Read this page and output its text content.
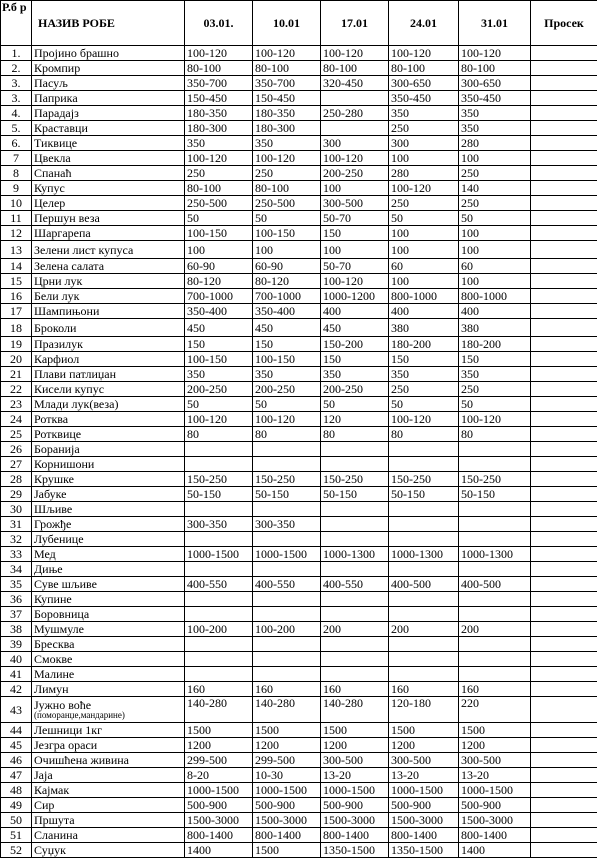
Р.б р	НАЗИВ РОБЕ	03.01.	10.01	17.01	24.01	31.01	Просек
1.	Пројино брашно	100-120	100-120	100-120	100-120	100-120	
2.	Кромпир	80-100	80-100	80-100	80-100	80-100	
3.	Пасуљ	350-700	350-700	320-450	300-650	300-650	
3.	Паприка	150-450	150-450		350-450	350-450	
4.	Парадајз	180-350	180-350	250-280	350	350	
5.	Краставци	180-300	180-300		250	350	
6.	Тиквице	350	350	300	300	280	
7	Цвекла	100-120	100-120	100-120	100	100	
8	Спанаћ	250	250	200-250	280	250	
9	Купус	80-100	80-100	100	100-120	140	
10	Целер	250-500	250-500	300-500	250	250	
11	Першун веза	50	50	50-70	50	50	
12	Шаргарепа	100-150	100-150	150	100	100	
13	Зелени лист купуса	100	100	100	100	100	
14	Зелена салата	60-90	60-90	50-70	60	60	
15	Црни лук	80-120	80-120	100-120	100	100	
16	Бели лук	700-1000	700-1000	1000-1200	800-1000	800-1000	
17	Шампињони	350-400	350-400	400	400	400	
18	Броколи	450	450	450	380	380	
19	Празилук	150	150	150-200	180-200	180-200	
20	Карфиол	100-150	100-150	150	150	150	
21	Плави патлиџан	350	350	350	350	350	
22	Кисели купус	200-250	200-250	200-250	250	250	
23	Млади лук(веза)	50	50	50	50	50	
24	Ротква	100-120	100-120	120	100-120	100-120	
25	Ротквице	80	80	80	80	80	
26	Боранија						
27	Корнишони						
28	Крушке	150-250	150-250	150-250	150-250	150-250	
29	Јабуке	50-150	50-150	50-150	50-150	50-150	
30	Шљиве						
31	Грожђе	300-350	300-350				
32	Лубенице						
33	Мед	1000-1500	1000-1500	1000-1300	1000-1300	1000-1300	
34	Диње						
35	Суве шљиве	400-550	400-550	400-550	400-500	400-500	
36	Купине						
37	Боровница						
38	Мушмуле	100-200	100-200	200	200	200	
39	Бресква						
40	Смокве						
41	Малине						
42	Лимун	160	160	160	160	160	
43	Јужно воће
(поморанџе,мандарине)	140-280	140-280	140-280	120-180	220	
44	Лешници 1кг	1500	1500	1500	1500	1500	
45	Језгра ораси	1200	1200	1200	1200	1200	
46	Очишћена живина	299-500	299-500	300-500	300-500	300-500	
47	Јаја	8-20	10-30	13-20	13-20	13-20	
48	Кајмак	1000-1500	1000-1500	1000-1500	1000-1500	1000-1500	
49	Сир	500-900	500-900	500-900	500-900	500-900	
50	Пршута	1500-3000	1500-3000	1500-3000	1500-3000	1500-3000	
51	Сланина	800-1400	800-1400	800-1400	800-1400	800-1400	
52	Суџук	1400	1500	1350-1500	1350-1500	1400	
